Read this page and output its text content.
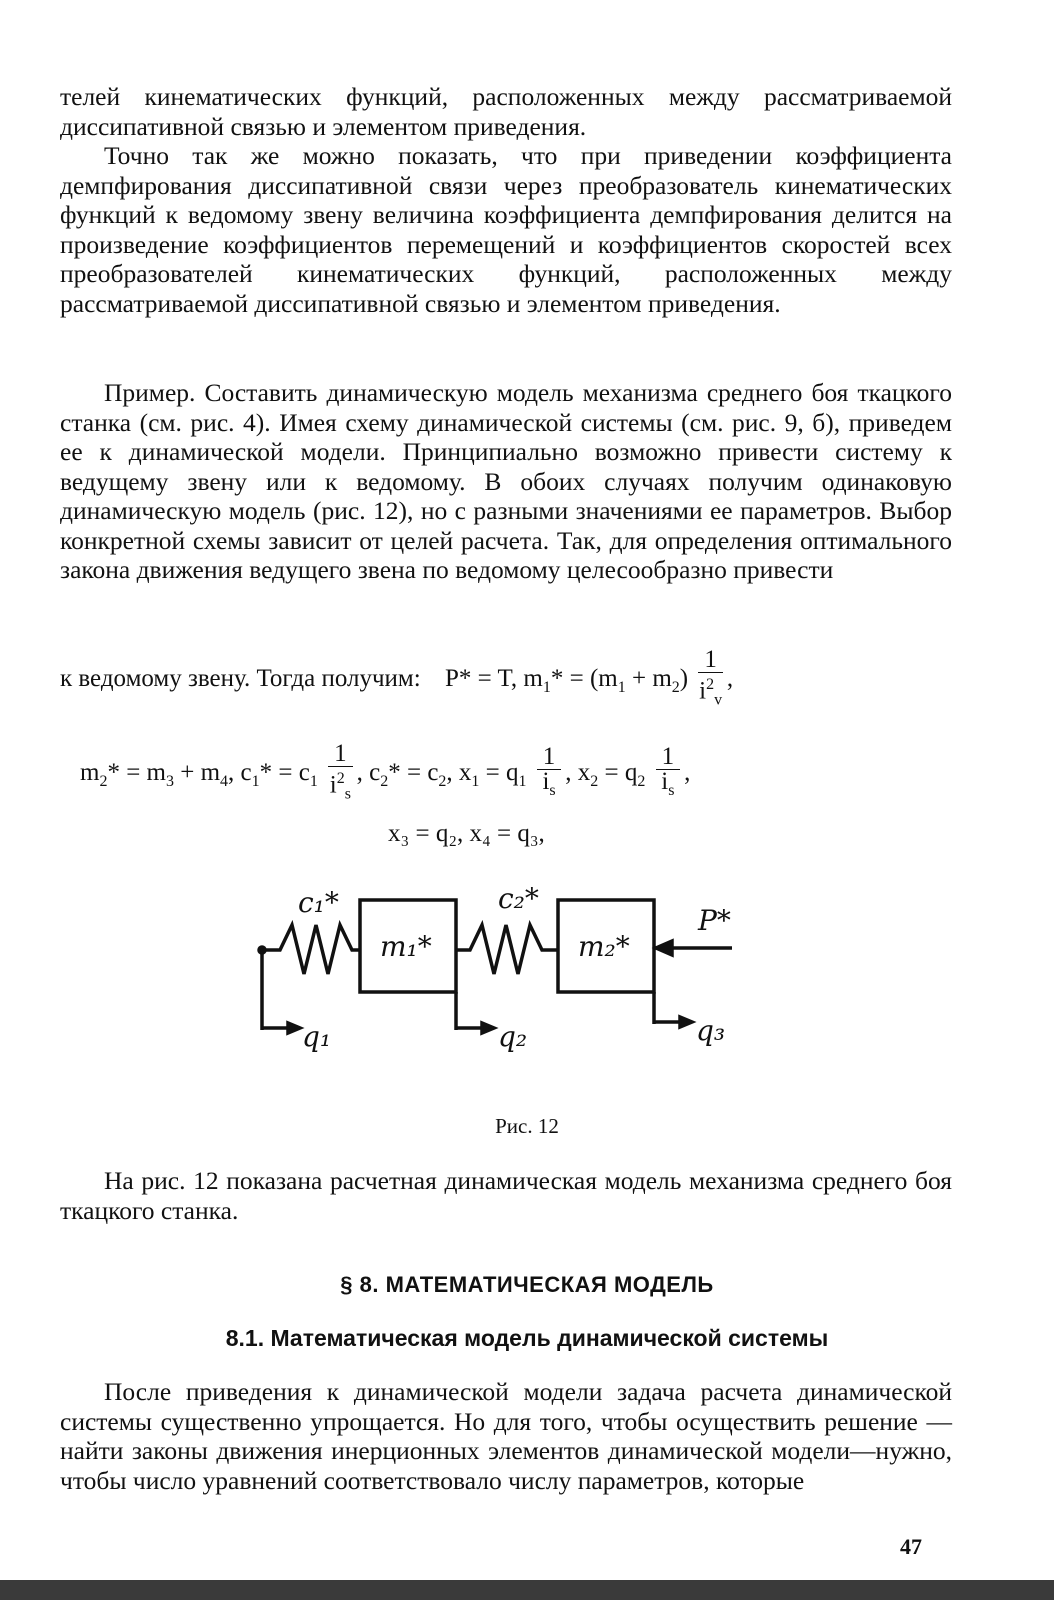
телей кинематических функций, расположенных между рассматриваемой диссипативной связью и элементом приведения.

Точно так же можно показать, что при приведении коэффициента демпфирования диссипативной связи через преобразователь кинематических функций к ведомому звену величина коэффициента демпфирования делится на произведение коэффициентов перемещений и коэффициентов скоростей всех преобразователей кинематических функций, расположенных между рассматриваемой диссипативной связью и элементом приведения.

Пример. Составить динамическую модель механизма среднего боя ткацкого станка (см. рис. 4). Имея схему динамической системы (см. рис. 9, б), приведем ее к динамической модели. Принципиально возможно привести систему к ведущему звену или к ведомому. В обоих случаях получим одинаковую динамическую модель (рис. 12), но с разными значениями ее параметров. Выбор конкретной схемы зависит от целей расчета. Так, для определения оптимального закона движения ведущего звена по ведомому целесообразно привести

к ведомому звену. Тогда получим: P* = T, $m_1* = (m_1 + m_2) \frac{1}{i^2_v}$ ,
$m_2* = m_3 + m_4$, $c_1* = c_1 \frac{1}{i^2_s}$ , $c_2* = c_2$, $x_1 = q_1 \frac{1}{i_s}$ , $x_2 = q_2 \frac{1}{i_s}$ ,
x₃ = q₂, x₄ = q₃,
c₁*	c₂*
m₁*	m₂*
P*
q₁	q₂	q₃
Рис. 12

На рис. 12 показана расчетная динамическая модель механизма среднего боя ткацкого станка.

§ 8. МАТЕМАТИЧЕСКАЯ МОДЕЛЬ
8.1. Математическая модель динамической системы

После приведения к динамической модели задача расчета динамической системы существенно упрощается. Но для того, чтобы осуществить решение — найти законы движения инерционных элементов динамической модели—нужно, чтобы число уравнений соответствовало числу параметров, которые

47
